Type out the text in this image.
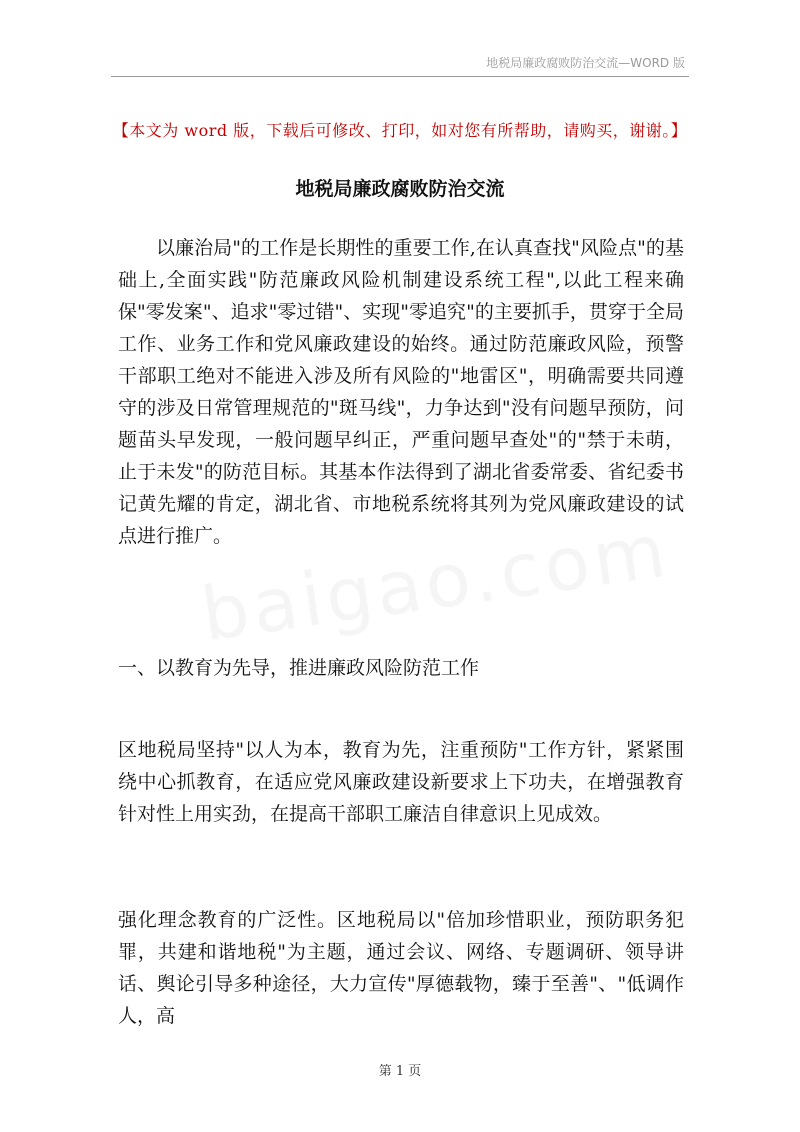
地税局廉政腐败防治交流—WORD 版
【本文为 word 版，下载后可修改、打印，如对您有所帮助，请购买，谢谢。】
地税局廉政腐败防治交流

以廉治局"的工作是长期性的重要工作,在认真查找"风险点"的基础上,全面实践"防范廉政风险机制建设系统工程",以此工程来确保"零发案"、追求"零过错"、实现"零追究"的主要抓手，贯穿于全局工作、业务工作和党风廉政建设的始终。通过防范廉政风险，预警干部职工绝对不能进入涉及所有风险的"地雷区"，明确需要共同遵守的涉及日常管理规范的"斑马线"，力争达到"没有问题早预防，问题苗头早发现，一般问题早纠正，严重问题早查处"的"禁于未萌，止于未发"的防范目标。其基本作法得到了湖北省委常委、省纪委书记黄先耀的肯定，湖北省、市地税系统将其列为党风廉政建设的试点进行推广。

一、以教育为先导，推进廉政风险防范工作

区地税局坚持"以人为本，教育为先，注重预防"工作方针，紧紧围绕中心抓教育，在适应党风廉政建设新要求上下功夫，在增强教育针对性上用实劲，在提高干部职工廉洁自律意识上见成效。

强化理念教育的广泛性。区地税局以"倍加珍惜职业，预防职务犯罪，共建和谐地税"为主题，通过会议、网络、专题调研、领导讲话、舆论引导多种途径，大力宣传"厚德载物，臻于至善"、"低调作人，高

第 1 页
